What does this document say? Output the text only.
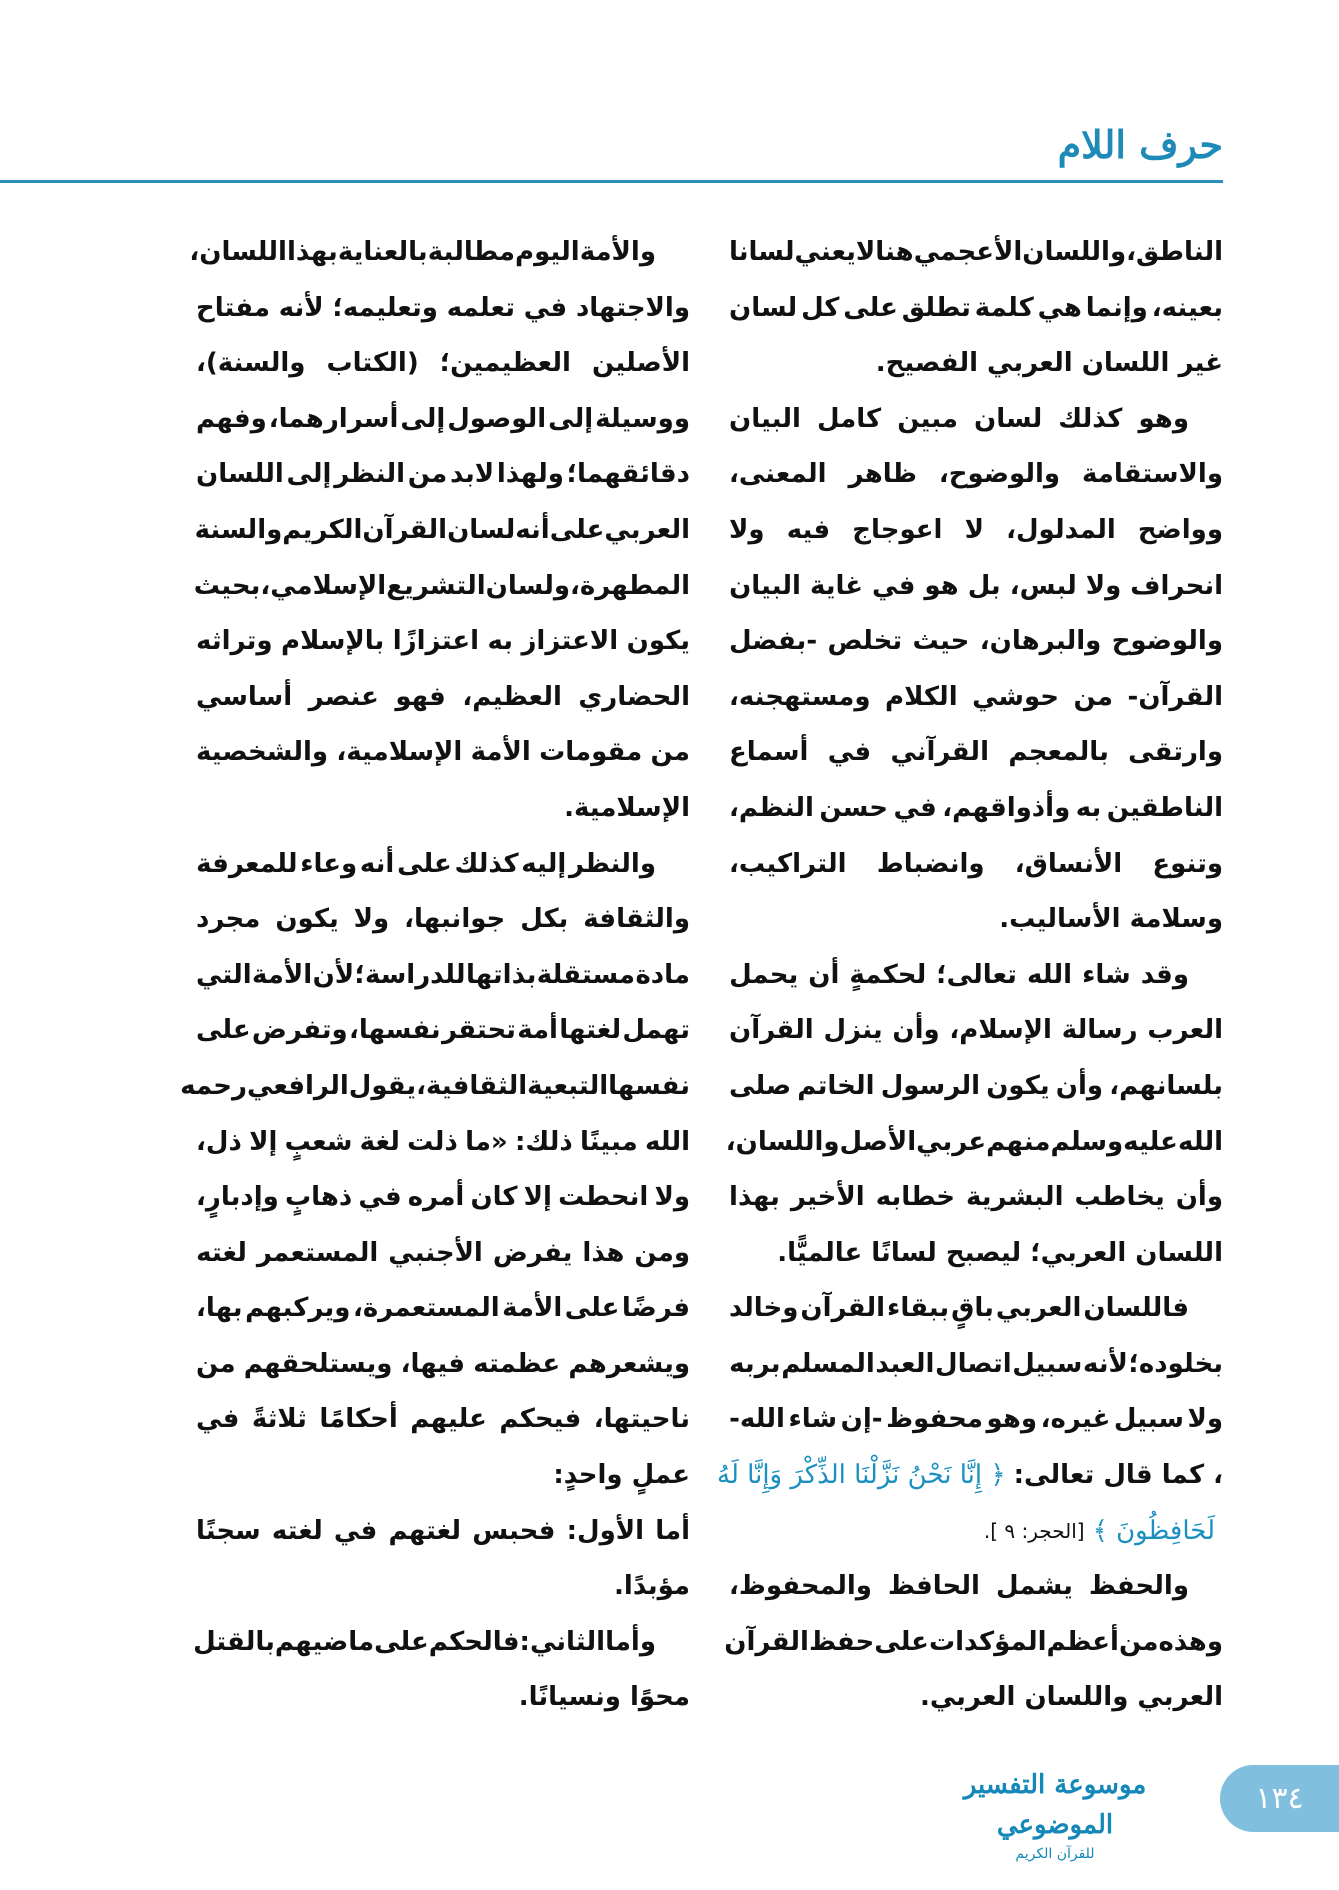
حرف اللام
الناطق،
واللسان
الأعجمي
هنا
لا
يعني
لسانا
بعينه،
وإنما
هي
كلمة
تطلق
على
كل
لسان
غير اللسان العربي الفصيح.
وهو
كذلك
لسان
مبين
كامل
البيان
والاستقامة
والوضوح،
ظاهر
المعنى،
وواضح
المدلول،
لا
اعوجاج
فيه
ولا
انحراف
ولا
لبس،
بل
هو
في
غاية
البيان
والوضوح
والبرهان،
حيث
تخلص
-بفضل
القرآن-
من
حوشي
الكلام
ومستهجنه،
وارتقى
بالمعجم
القرآني
في
أسماع
الناطقين
به
وأذواقهم،
في
حسن
النظم،
وتنوع
الأنساق،
وانضباط
التراكيب،
وسلامة الأساليب.
وقد
شاء
الله
تعالى؛
لحكمةٍ
أن
يحمل
العرب
رسالة
الإسلام،
وأن
ينزل
القرآن
بلسانهم،
وأن
يكون
الرسول
الخاتم
صلى
الله
عليه
وسلم
منهم
عربي
الأصل
واللسان،
وأن
يخاطب
البشرية
خطابه
الأخير
بهذا
اللسان العربي؛ ليصبح لسانًا عالميًّا.
فاللسان
العربي
باقٍ
ببقاء
القرآن
وخالد
بخلوده؛
لأنه
سبيل
اتصال
العبد
المسلم
بربه
ولا
سبيل
غيره،
وهو
محفوظ
-إن
شاء
الله-
، كما قال تعالى:
﴿ إِنَّا نَحْنُ نَزَّلْنَا الذِّكْرَ وَإِنَّا لَهُ
لَحَافِظُونَ ﴾
[الحجر: ٩ ].
والحفظ
يشمل
الحافظ
والمحفوظ،
وهذه
من
أعظم
المؤكدات
على
حفظ
القرآن
العربي واللسان العربي.
والأمة
اليوم
مطالبة
بالعناية
بهذا
اللسان،
والاجتهاد
في
تعلمه
وتعليمه؛
لأنه
مفتاح
الأصلين
العظيمين؛
(الكتاب
والسنة)،
ووسيلة
إلى
الوصول
إلى
أسرارهما،
وفهم
دقائقهما؛
ولهذا
لابد
من
النظر
إلى
اللسان
العربي
على
أنه
لسان
القرآن
الكريم
والسنة
المطهرة،
ولسان
التشريع
الإسلامي،
بحيث
يكون
الاعتزاز
به
اعتزازًا
بالإسلام
وتراثه
الحضاري
العظيم،
فهو
عنصر
أساسي
من
مقومات
الأمة
الإسلامية،
والشخصية
الإسلامية.
والنظر
إليه
كذلك
على
أنه
وعاء
للمعرفة
والثقافة
بكل
جوانبها،
ولا
يكون
مجرد
مادة
مستقلة
بذاتها
للدراسة؛
لأن
الأمة
التي
تهمل
لغتها
أمة
تحتقر
نفسها،
وتفرض
على
نفسها
التبعية
الثقافية،
يقول
الرافعي
رحمه
الله
مبينًا
ذلك:
«ما
ذلت
لغة
شعبٍ
إلا
ذل،
ولا
انحطت
إلا
كان
أمره
في
ذهابٍ
وإدبارٍ،
ومن
هذا
يفرض
الأجنبي
المستعمر
لغته
فرضًا
على
الأمة
المستعمرة،
ويركبهم
بها،
ويشعرهم
عظمته
فيها،
ويستلحقهم
من
ناحيتها،
فيحكم
عليهم
أحكامًا
ثلاثةً
في
عملٍ واحدٍ:
أما
الأول:
فحبس
لغتهم
في
لغته
سجنًا
مؤبدًا.
وأما
الثاني:
فالحكم
على
ماضيهم
بالقتل
محوًا ونسيانًا.
موسوعة التفسير الموضوعي
للقرآن الكريم
١٣٤
